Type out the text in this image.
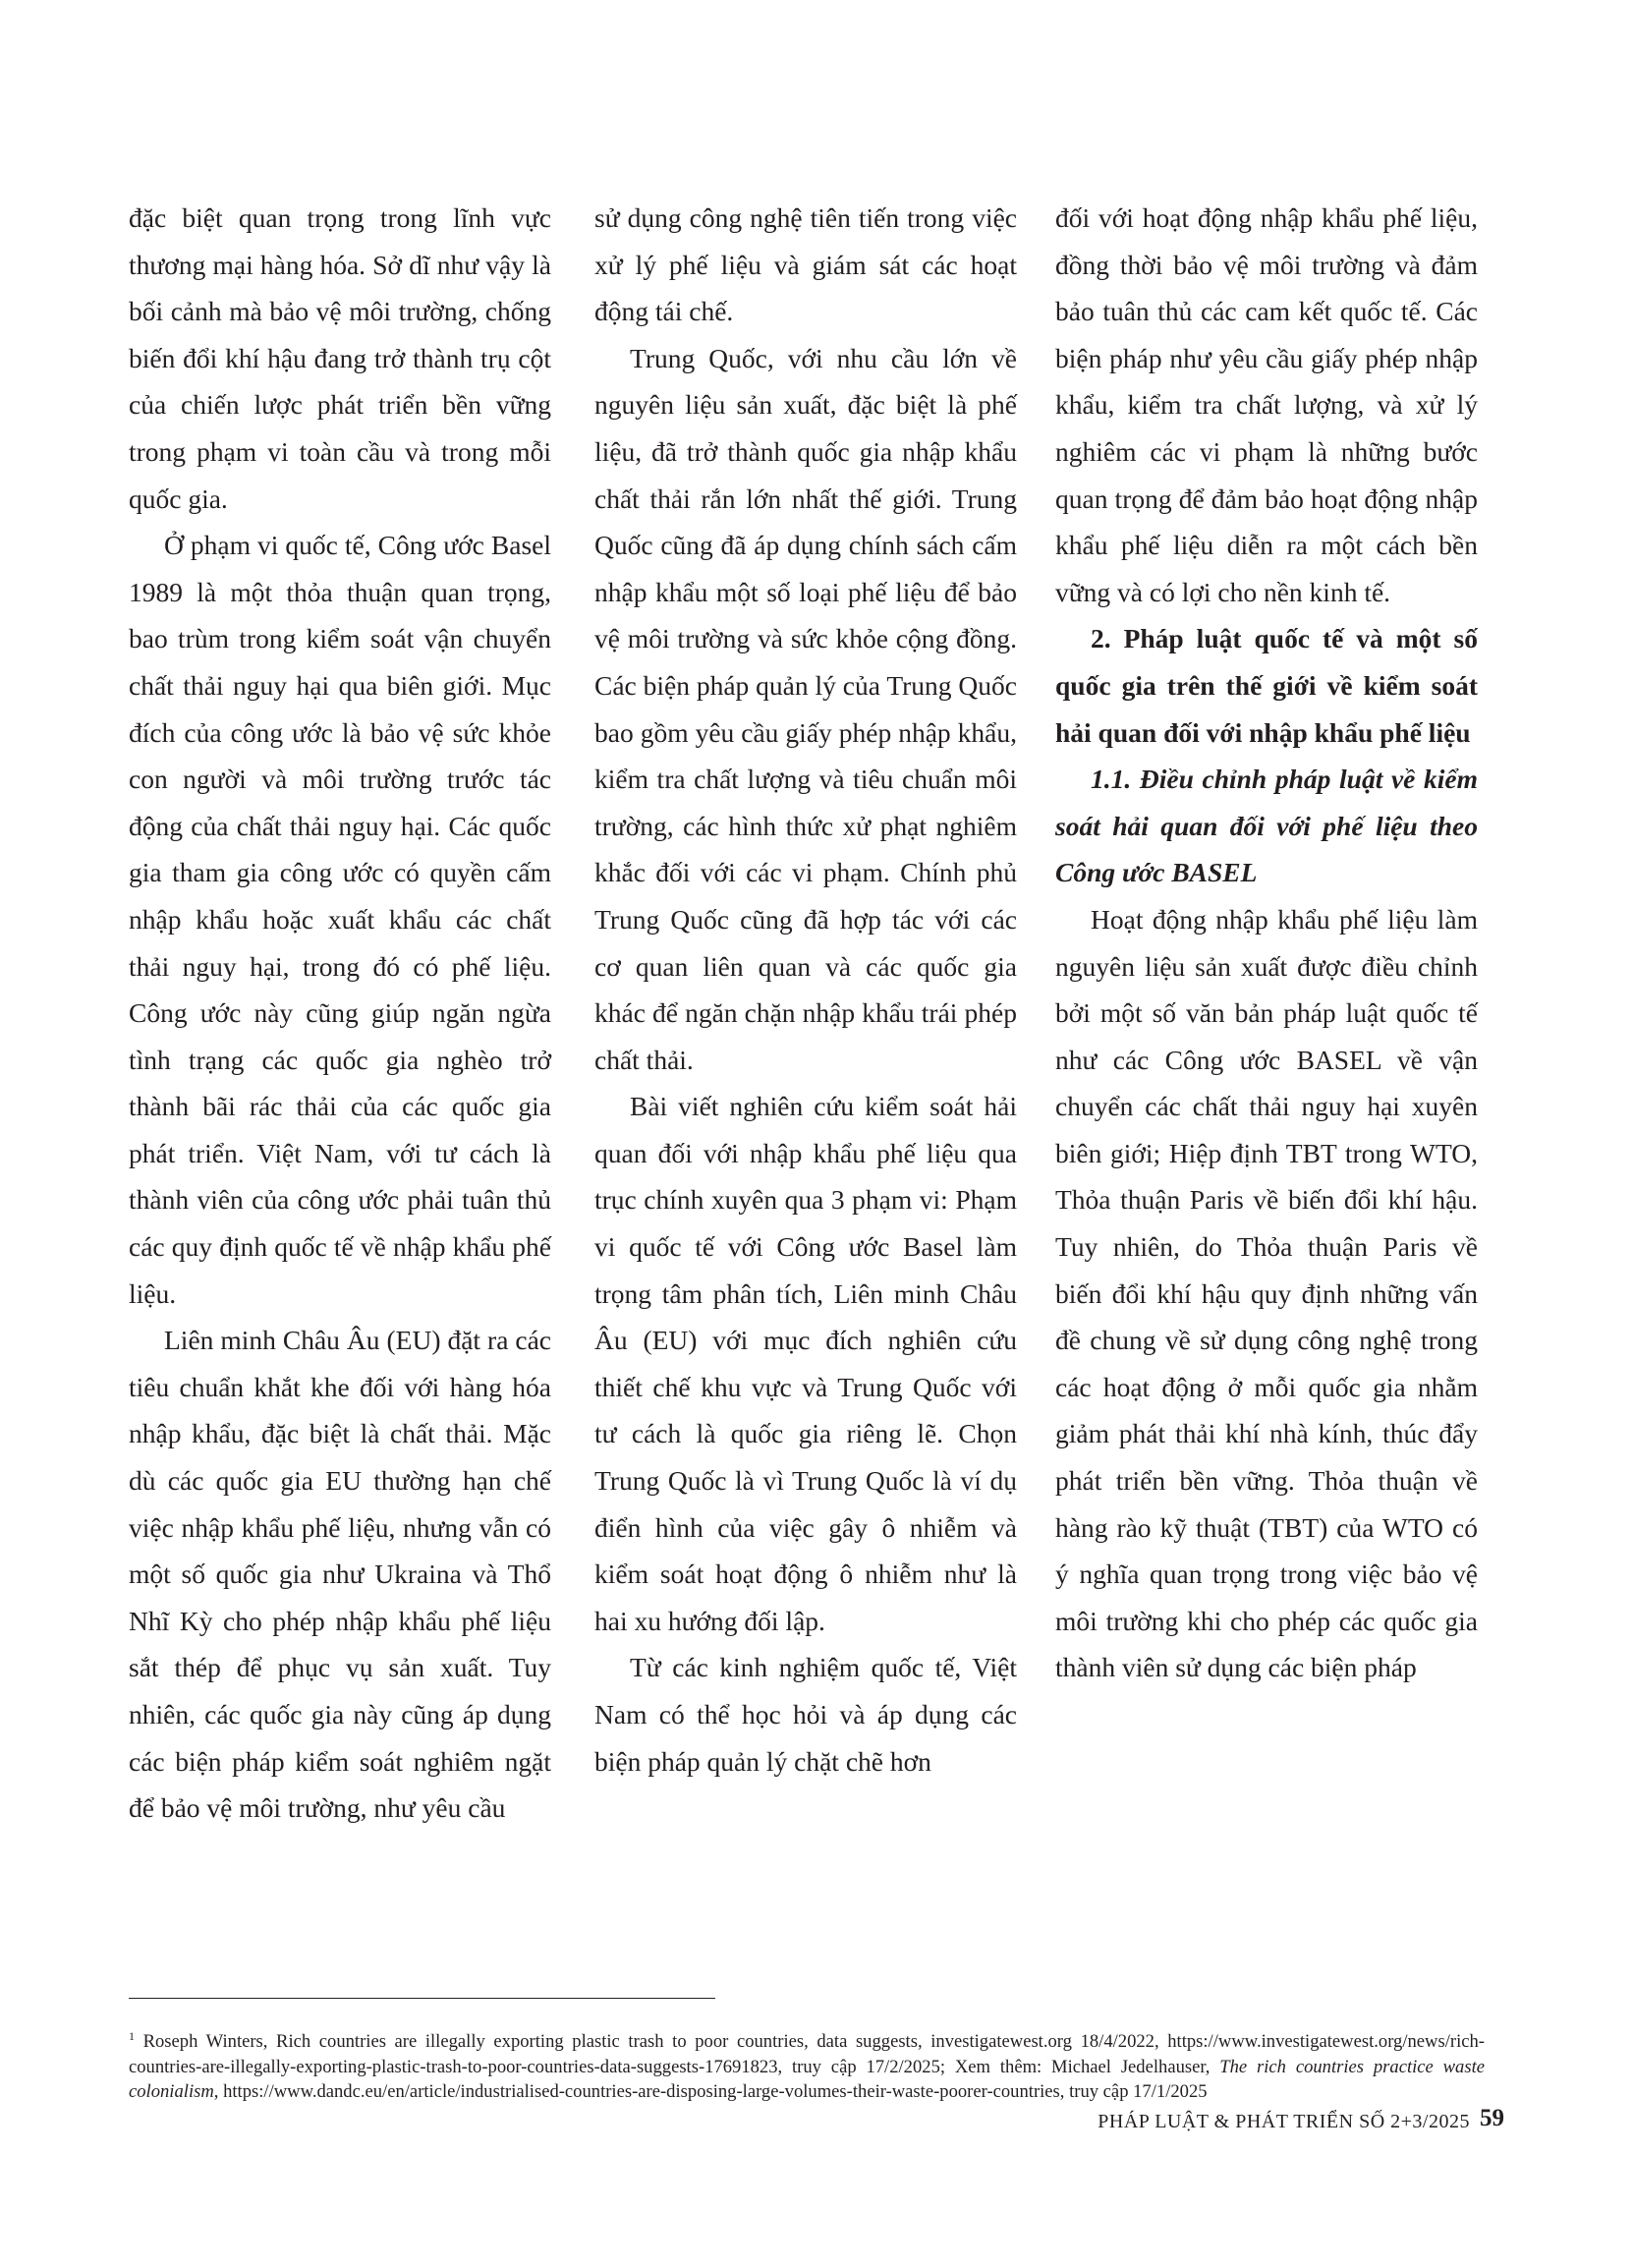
đặc biệt quan trọng trong lĩnh vực thương mại hàng hóa. Sở dĩ như vậy là bối cảnh mà bảo vệ môi trường, chống biến đổi khí hậu đang trở thành trụ cột của chiến lược phát triển bền vững trong phạm vi toàn cầu và trong mỗi quốc gia.

Ở phạm vi quốc tế, Công ước Basel 1989 là một thỏa thuận quan trọng, bao trùm trong kiểm soát vận chuyển chất thải nguy hại qua biên giới. Mục đích của công ước là bảo vệ sức khỏe con người và môi trường trước tác động của chất thải nguy hại. Các quốc gia tham gia công ước có quyền cấm nhập khẩu hoặc xuất khẩu các chất thải nguy hại, trong đó có phế liệu. Công ước này cũng giúp ngăn ngừa tình trạng các quốc gia nghèo trở thành bãi rác thải của các quốc gia phát triển. Việt Nam, với tư cách là thành viên của công ước phải tuân thủ các quy định quốc tế về nhập khẩu phế liệu.

Liên minh Châu Âu (EU) đặt ra các tiêu chuẩn khắt khe đối với hàng hóa nhập khẩu, đặc biệt là chất thải. Mặc dù các quốc gia EU thường hạn chế việc nhập khẩu phế liệu, nhưng vẫn có một số quốc gia như Ukraina và Thổ Nhĩ Kỳ cho phép nhập khẩu phế liệu sắt thép để phục vụ sản xuất. Tuy nhiên, các quốc gia này cũng áp dụng các biện pháp kiểm soát nghiêm ngặt để bảo vệ môi trường, như yêu cầu

sử dụng công nghệ tiên tiến trong việc xử lý phế liệu và giám sát các hoạt động tái chế.

Trung Quốc, với nhu cầu lớn về nguyên liệu sản xuất, đặc biệt là phế liệu, đã trở thành quốc gia nhập khẩu chất thải rắn lớn nhất thế giới. Trung Quốc cũng đã áp dụng chính sách cấm nhập khẩu một số loại phế liệu để bảo vệ môi trường và sức khỏe cộng đồng. Các biện pháp quản lý của Trung Quốc bao gồm yêu cầu giấy phép nhập khẩu, kiểm tra chất lượng và tiêu chuẩn môi trường, các hình thức xử phạt nghiêm khắc đối với các vi phạm. Chính phủ Trung Quốc cũng đã hợp tác với các cơ quan liên quan và các quốc gia khác để ngăn chặn nhập khẩu trái phép chất thải.

Bài viết nghiên cứu kiểm soát hải quan đối với nhập khẩu phế liệu qua trục chính xuyên qua 3 phạm vi: Phạm vi quốc tế với Công ước Basel làm trọng tâm phân tích, Liên minh Châu Âu (EU) với mục đích nghiên cứu thiết chế khu vực và Trung Quốc với tư cách là quốc gia riêng lẽ. Chọn Trung Quốc là vì Trung Quốc là ví dụ điển hình của việc gây ô nhiễm và kiểm soát hoạt động ô nhiễm như là hai xu hướng đối lập.

Từ các kinh nghiệm quốc tế, Việt Nam có thể học hỏi và áp dụng các biện pháp quản lý chặt chẽ hơn

đối với hoạt động nhập khẩu phế liệu, đồng thời bảo vệ môi trường và đảm bảo tuân thủ các cam kết quốc tế. Các biện pháp như yêu cầu giấy phép nhập khẩu, kiểm tra chất lượng, và xử lý nghiêm các vi phạm là những bước quan trọng để đảm bảo hoạt động nhập khẩu phế liệu diễn ra một cách bền vững và có lợi cho nền kinh tế.

2. Pháp luật quốc tế và một số quốc gia trên thế giới về kiểm soát hải quan đối với nhập khẩu phế liệu

1.1. Điều chỉnh pháp luật về kiểm soát hải quan đối với phế liệu theo Công ước BASEL

Hoạt động nhập khẩu phế liệu làm nguyên liệu sản xuất được điều chỉnh bởi một số văn bản pháp luật quốc tế như các Công ước BASEL về vận chuyển các chất thải nguy hại xuyên biên giới; Hiệp định TBT trong WTO, Thỏa thuận Paris về biến đổi khí hậu. Tuy nhiên, do Thỏa thuận Paris về biến đổi khí hậu quy định những vấn đề chung về sử dụng công nghệ trong các hoạt động ở mỗi quốc gia nhằm giảm phát thải khí nhà kính, thúc đẩy phát triển bền vững. Thỏa thuận về hàng rào kỹ thuật (TBT) của WTO có ý nghĩa quan trọng trong việc bảo vệ môi trường khi cho phép các quốc gia thành viên sử dụng các biện pháp

$^1$ Roseph Winters, Rich countries are illegally exporting plastic trash to poor countries, data suggests, investigatewest.org 18/4/2022, https://www.investigatewest.org/news/rich-countries-are-illegally-exporting-plastic-trash-to-poor-countries-data-suggests-17691823, truy cập 17/2/2025; Xem thêm: Michael Jedelhauser, The rich countries practice waste colonialism, https://www.dandc.eu/en/article/industrialised-countries-are-disposing-large-volumes-their-waste-poorer-countries, truy cập 17/1/2025

PHÁP LUẬT & PHÁT TRIỂN SỐ 2+3/2025 59
